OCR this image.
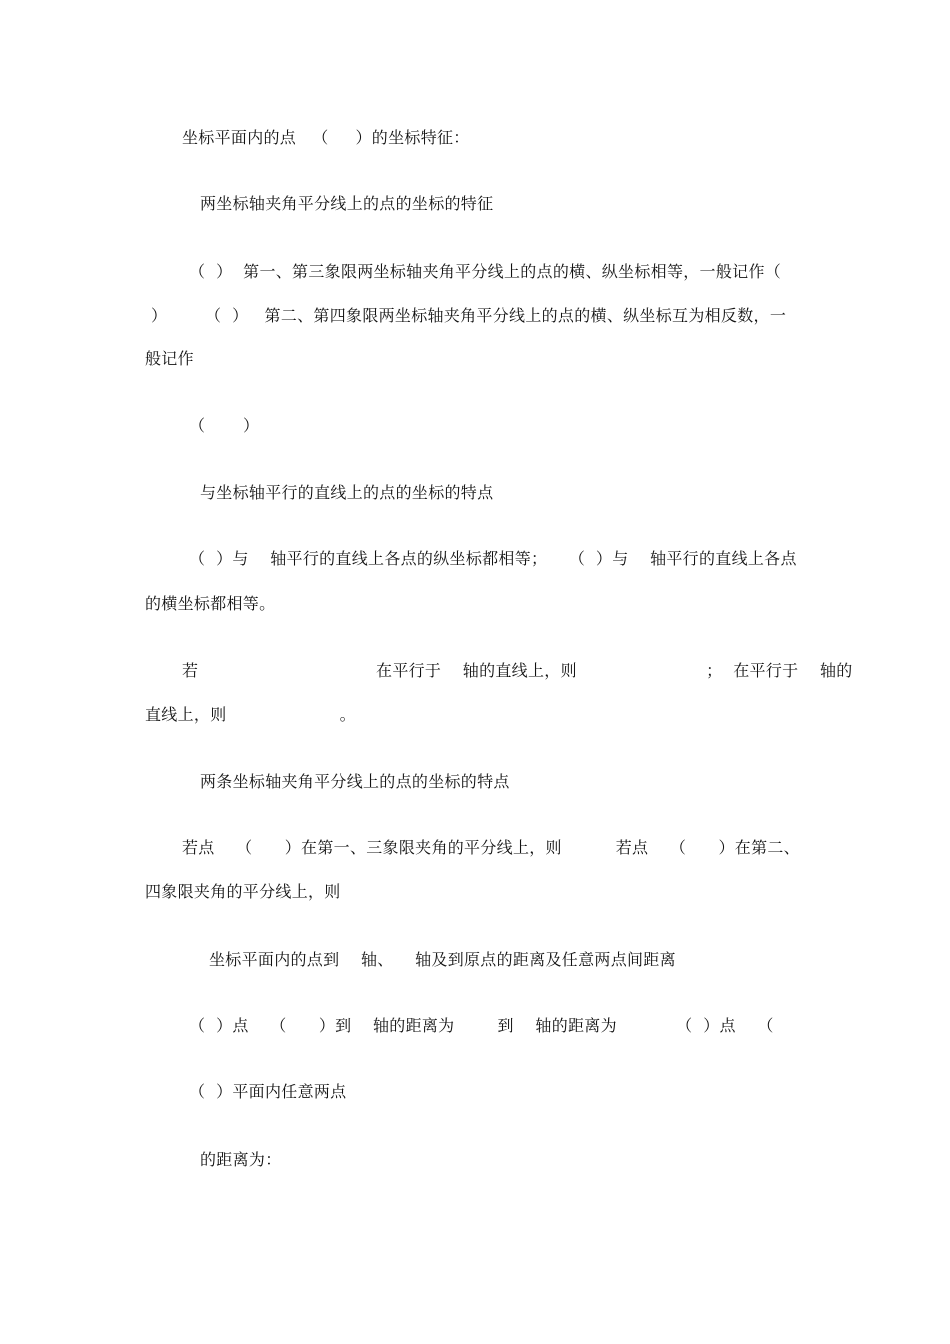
坐标平面内的点   （     ）的坐标特征：
两坐标轴夹角平分线上的点的坐标的特征
（  ）  第一、第三象限两坐标轴夹角平分线上的点的横、纵坐标相等，一般记作（
）       （  ）   第二、第四象限两坐标轴夹角平分线上的点的横、纵坐标互为相反数，一
般记作
（       ）
与坐标轴平行的直线上的点的坐标的特点
（  ）与    轴平行的直线上各点的纵坐标都相等；    （  ）与    轴平行的直线上各点
的横坐标都相等。
若                                 在平行于    轴的直线上，则                        ；  在平行于    轴的
直线上，则                     。
两条坐标轴夹角平分线上的点的坐标的特点
若点    （      ）在第一、三象限夹角的平分线上，则          若点    （      ）在第二、
四象限夹角的平分线上，则
坐标平面内的点到    轴、    轴及到原点的距离及任意两点间距离
（  ）点    （      ）到    轴的距离为        到    轴的距离为           （  ）点    （
（  ）平面内任意两点
的距离为：
